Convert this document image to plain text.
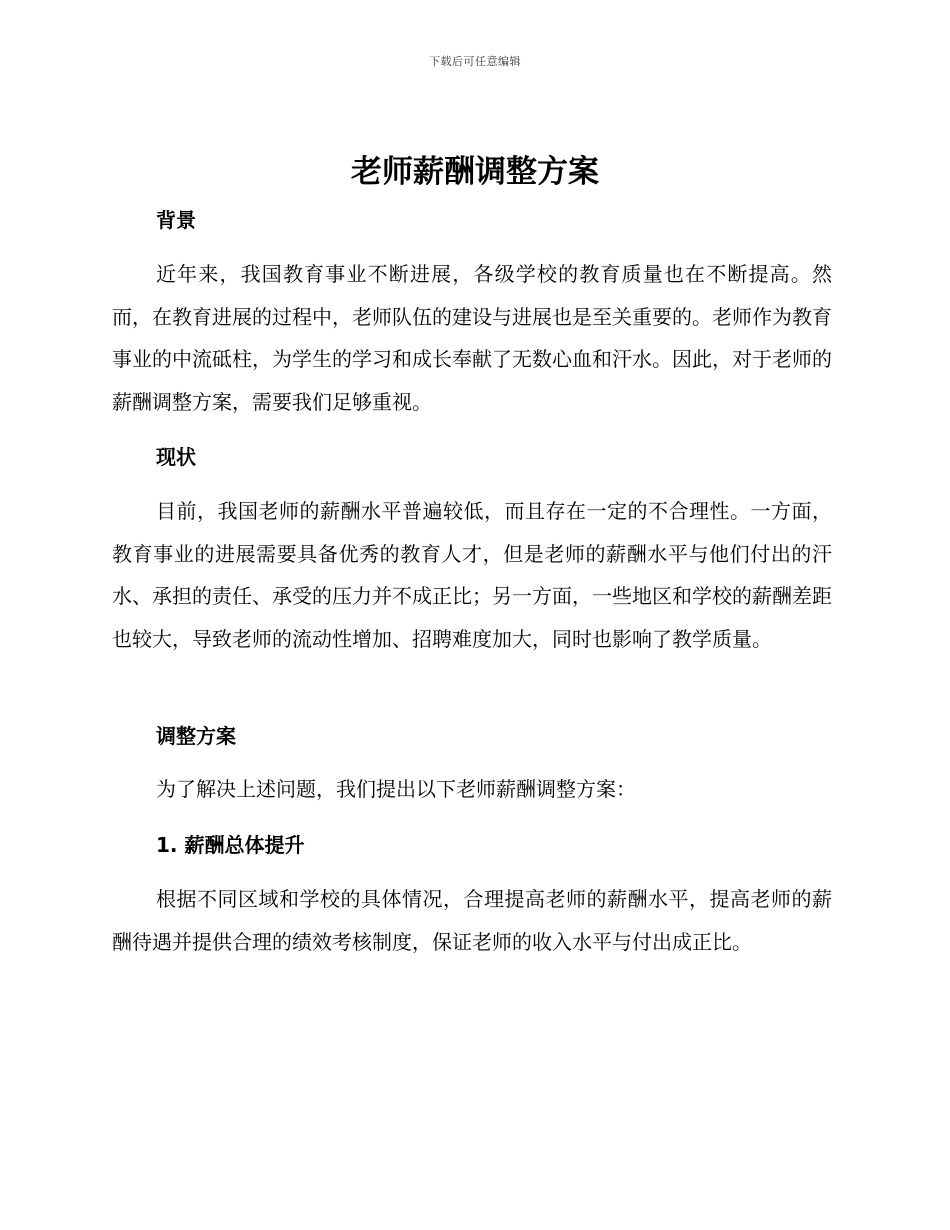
下载后可任意编辑
老师薪酬调整方案
背景

近年来，我国教育事业不断进展，各级学校的教育质量也在不断提高。然而，在教育进展的过程中，老师队伍的建设与进展也是至关重要的。老师作为教育事业的中流砥柱，为学生的学习和成长奉献了无数心血和汗水。因此，对于老师的薪酬调整方案，需要我们足够重视。

现状

目前，我国老师的薪酬水平普遍较低，而且存在一定的不合理性。一方面，教育事业的进展需要具备优秀的教育人才，但是老师的薪酬水平与他们付出的汗水、承担的责任、承受的压力并不成正比；另一方面，一些地区和学校的薪酬差距也较大，导致老师的流动性增加、招聘难度加大，同时也影响了教学质量。

调整方案

为了解决上述问题，我们提出以下老师薪酬调整方案：

1. 薪酬总体提升

根据不同区域和学校的具体情况，合理提高老师的薪酬水平，提高老师的薪酬待遇并提供合理的绩效考核制度，保证老师的收入水平与付出成正比。
